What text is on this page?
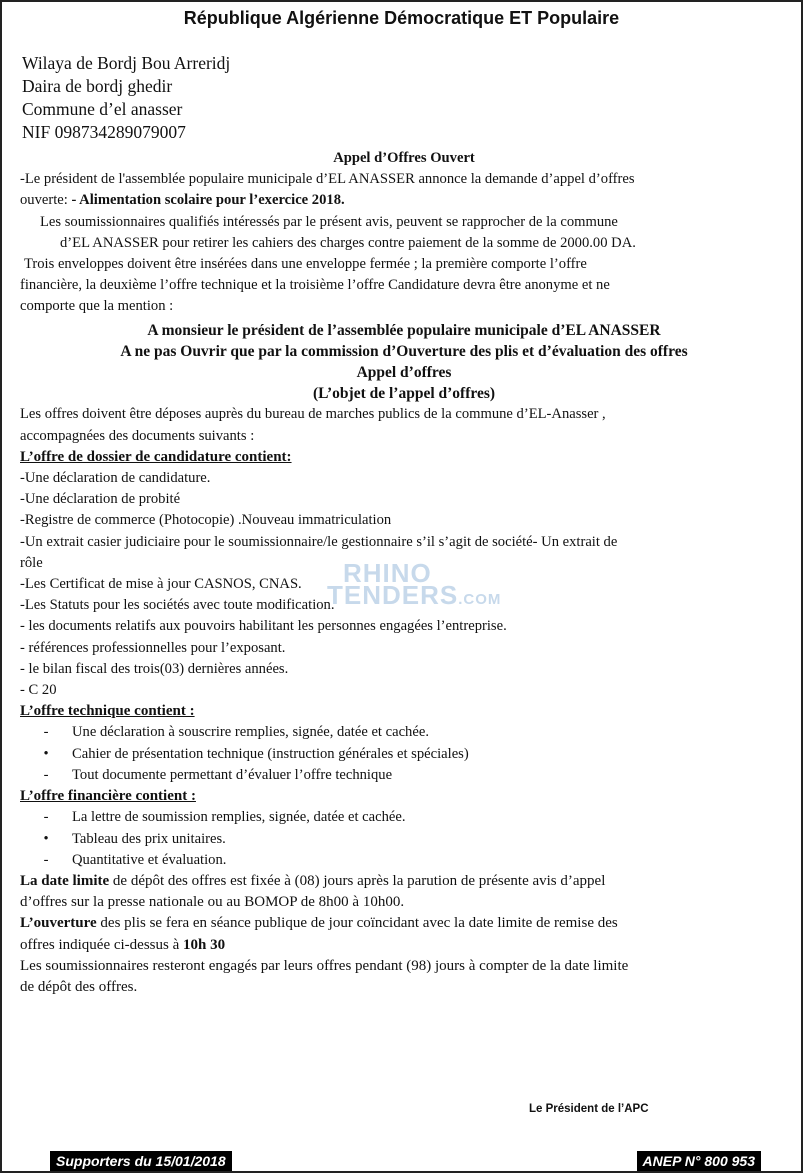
République Algérienne Démocratique ET Populaire
Wilaya de Bordj Bou Arreridj
Daira de bordj ghedir
Commune d’el anasser
NIF 098734289079007
Appel d’Offres Ouvert
-Le président de l'assemblée populaire municipale d’EL ANASSER annonce la demande d’appel d’offres
ouverte: - Alimentation scolaire pour l’exercice 2018.
Les soumissionnaires qualifiés intéressés par le présent avis, peuvent se rapprocher de la commune
d’EL ANASSER pour retirer les cahiers des charges contre paiement de la somme de 2000.00 DA.
Trois enveloppes doivent être insérées dans une enveloppe fermée ; la première comporte l’offre
financière, la deuxième l’offre technique et la troisième l’offre Candidature devra être anonyme et ne
comporte que la mention :
A monsieur le président de l’assemblée populaire municipale d’EL ANASSER
A ne pas Ouvrir que par la commission d’Ouverture des plis et d’évaluation des offres
Appel d’offres
(L’objet de l’appel d’offres)
Les offres doivent être déposes auprès du bureau de marches publics de la commune d’EL-Anasser ,
accompagnées des documents suivants :
L’offre de dossier de candidature contient:
-Une déclaration de candidature.
-Une déclaration de probité
-Registre de commerce (Photocopie) .Nouveau immatriculation
-Un extrait casier judiciaire pour le soumissionnaire/le gestionnaire s’il s’agit de société- Un extrait de
rôle
-Les Certificat de mise à jour CASNOS, CNAS.
-Les Statuts pour les sociétés avec toute modification.
- les documents relatifs aux pouvoirs habilitant les personnes engagées l’entreprise.
- références professionnelles pour l’exposant.
- le bilan fiscal des trois(03) dernières années.
- C 20
L’offre technique contient :
-	Une déclaration à souscrire remplies, signée, datée et cachée.
•	Cahier de présentation technique (instruction générales et spéciales)
-	Tout documente permettant d’évaluer l’offre technique
L’offre financière contient :
-	La lettre de soumission remplies, signée, datée et cachée.
•	Tableau des prix unitaires.
-	Quantitative et évaluation.
La date limite de dépôt des offres est fixée à (08) jours après la parution de présente avis d’appel
d’offres sur la presse nationale ou au BOMOP de 8h00 à 10h00.
L’ouverture des plis se fera en séance publique de jour coïncidant avec la date limite de remise des
offres indiquée ci-dessus à 10h 30
Les soumissionnaires resteront engagés par leurs offres pendant (98) jours à compter de la date limite
de dépôt des offres.
RHINO
TENDERS.COM
Le Président de l’APC
Supporters du 15/01/2018	ANEP N° 800 953
